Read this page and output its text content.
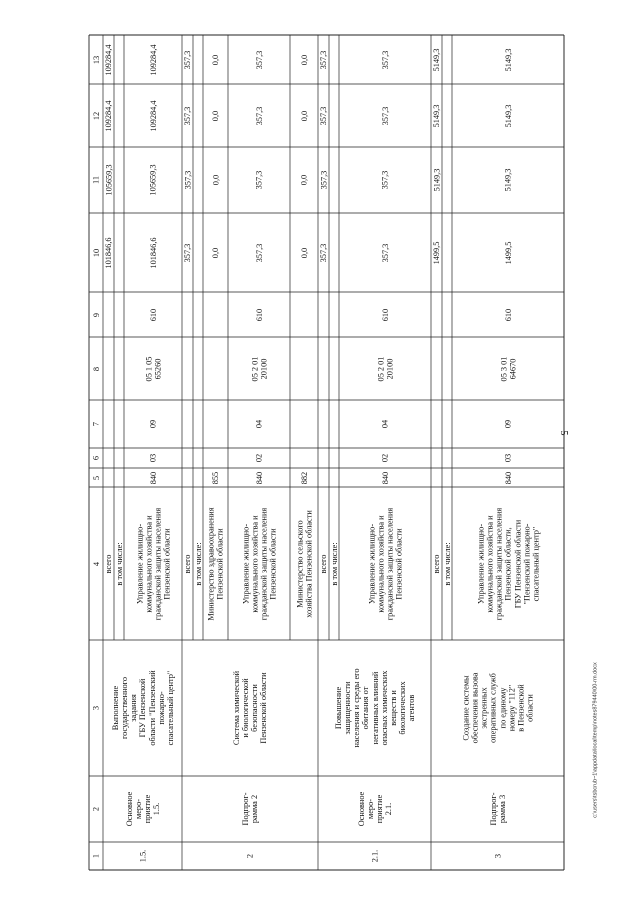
5
c:\users\tsbcrub~1\appdata\local\temp\notes879440\00-rm.docx
1
2
3
4
5
6
7
8
9
10
11
12
13
1.5.
Основное
меро-
приятие
1.5.
Выполнение
государственного
задания
ГБУ Пензенской
области "Пензенский
пожарно-
спасательный центр"
всего
101846,6
105659,3
109284,4
109284,4
в том числе: Управление жилищно-
коммунального хозяйства и
гражданской защиты населения
Пензенской области
840
03
09
05 1 05
65260
610
101846,6
105659,3
109284,4
109284,4
2
Подпрог-
рамма 2
Система химической
и биологической
безопасности
Пензенской области
всего
357,3
357,3
357,3
357,3
в том числе:
Министерство здравоохранения
Пензенской области
855
0,0
0,0
0,0
0,0
Управление жилищно-
коммунального хозяйства и
гражданской защиты населения
Пензенской области
840
02
04
05 2 01
20100
610
357,3
357,3
357,3
357,3
Министерство сельского
хозяйства Пензенской области
882
0,0
0,0
0,0
0,0
2.1.
Основное
меро-
приятие
2.1.
Повышение
защищенности
населения и среды его
обитания от
негативных влияний
опасных химических
веществ и
биологических
агентов
всего
357,3
357,3
357,3
357,3
в том числе:	Управление жилищно-
коммунального хозяйства и
гражданской защиты населения
Пензенской области
840
02
04
05 2 01
20100
610
357,3
357,3
357,3
357,3
3
Подпрог-
рамма 3
Создание системы
обеспечения вызова
экстренных
оперативных служб
по единому
номеру "112"
в Пензенской
области
всего
1499,5
5149,3
5149,3
5149,3
в том числе:	Управление жилищно-
коммунального хозяйства и
гражданской защиты населения
Пензенской области,
ГБУ Пензенской области
"Пензенский пожарно-
спасательный центр"
840
03
09
05 3 01
64670
610
1499,5
5149,3
5149,3
5149,3
